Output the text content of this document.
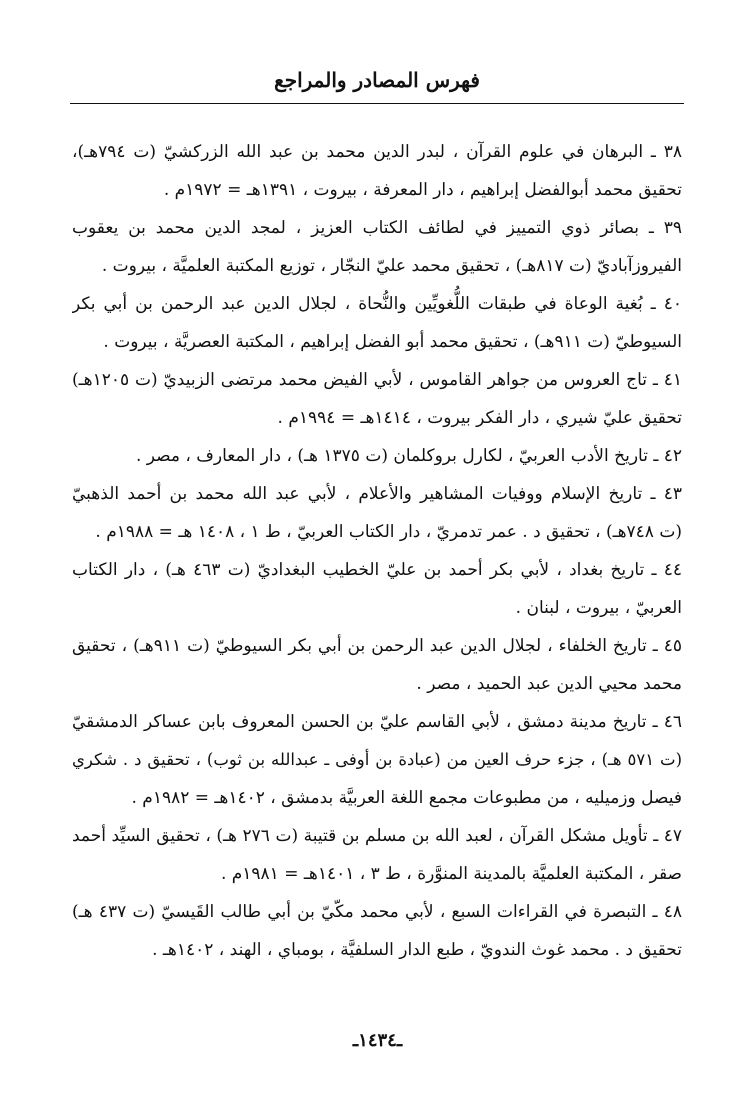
فهرس المصادر والمراجع
٣٨ ـ البرهان في علوم القرآن ، لبدر الدين محمد بن عبد الله الزركشيّ (ت ٧٩٤هـ)،
تحقيق محمد أبوالفضل إبراهيم ، دار المعرفة ، بيروت ، ١٣٩١هـ = ١٩٧٢م .
٣٩ ـ بصائر ذوي التمييز في لطائف الكتاب العزيز ، لمجد الدين محمد بن يعقوب
الفيروزآباديّ (ت ٨١٧هـ) ، تحقيق محمد عليّ النجّار ، توزيع المكتبة العلميَّة ، بيروت .
٤٠ ـ بُغية الوعاة في طبقات اللُّغويِّين والنُّحاة ، لجلال الدين عبد الرحمن بن أبي بكر
السيوطيّ (ت ٩١١هـ) ، تحقيق محمد أبو الفضل إبراهيم ، المكتبة العصريَّة ، بيروت .
٤١ ـ تاج العروس من جواهر القاموس ، لأبي الفيض محمد مرتضى الزبيديّ (ت ١٢٠٥هـ)
تحقيق عليّ شيري ، دار الفكر بيروت ، ١٤١٤هـ = ١٩٩٤م .
٤٢ ـ تاريخ الأدب العربيّ ، لكارل بروكلمان (ت ١٣٧٥ هـ) ، دار المعارف ، مصر .
٤٣ ـ تاريخ الإسلام ووفيات المشاهير والأعلام ، لأبي عبد الله محمد بن أحمد الذهبيّ
(ت ٧٤٨هـ) ، تحقيق د . عمر تدمريّ ، دار الكتاب العربيّ ، ط ١ ، ١٤٠٨ هـ = ١٩٨٨م .
٤٤ ـ تاريخ بغداد ، لأبي بكر أحمد بن عليّ الخطيب البغداديّ (ت ٤٦٣ هـ) ، دار الكتاب
العربيّ ، بيروت ، لبنان .
٤٥ ـ تاريخ الخلفاء ، لجلال الدين عبد الرحمن بن أبي بكر السيوطيّ (ت ٩١١هـ) ، تحقيق
محمد محيي الدين عبد الحميد ، مصر .
٤٦ ـ تاريخ مدينة دمشق ، لأبي القاسم عليّ بن الحسن المعروف بابن عساكر الدمشقيّ
(ت ٥٧١ هـ) ، جزء حرف العين من (عبادة بن أوفى ـ عبدالله بن ثوب) ، تحقيق د . شكري
فيصل وزميليه ، من مطبوعات مجمع اللغة العربيَّة بدمشق ، ١٤٠٢هـ = ١٩٨٢م .
٤٧ ـ تأويل مشكل القرآن ، لعبد الله بن مسلم بن قتيبة (ت ٢٧٦ هـ) ، تحقيق السيِّد أحمد
صقر ، المكتبة العلميَّة بالمدينة المنوَّرة ، ط ٣ ، ١٤٠١هـ = ١٩٨١م .
٤٨ ـ التبصرة في القراءات السبع ، لأبي محمد مكّيّ بن أبي طالب القَيسيّ (ت ٤٣٧ هـ)
تحقيق د . محمد غوث الندويّ ، طبع الدار السلفيَّة ، بومباي ، الهند ، ١٤٠٢هـ .
ـ١٤٣٤ـ
